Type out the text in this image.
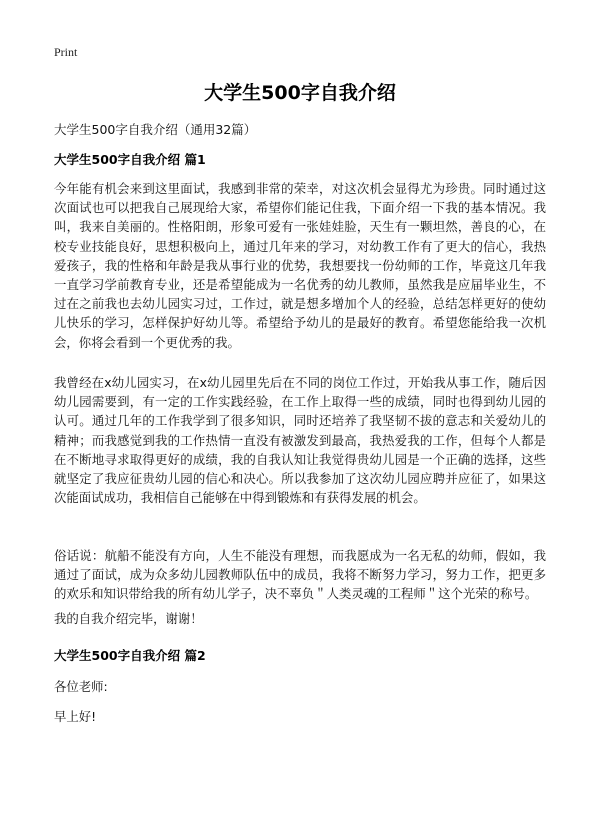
Print
大学生500字自我介绍

大学生500字自我介绍（通用32篇）

大学生500字自我介绍 篇1

今年能有机会来到这里面试，我感到非常的荣幸，对这次机会显得尤为珍贵。同时通过这次面试也可以把我自己展现给大家，希望你们能记住我，下面介绍一下我的基本情况。我叫，我来自美丽的。性格阳朗，形象可爱有一张娃娃脸，天生有一颗坦然，善良的心，在校专业技能良好，思想积极向上，通过几年来的学习，对幼教工作有了更大的信心，我热爱孩子，我的性格和年龄是我从事行业的优势，我想要找一份幼师的工作，毕竟这几年我一直学习学前教育专业，还是希望能成为一名优秀的幼儿教师，虽然我是应届毕业生，不过在之前我也去幼儿园实习过，工作过，就是想多增加个人的经验，总结怎样更好的使幼儿快乐的学习，怎样保护好幼儿等。希望给予幼儿的是最好的教育。希望您能给我一次机会，你将会看到一个更优秀的我。

我曾经在x幼儿园实习，在x幼儿园里先后在不同的岗位工作过，开始我从事工作，随后因幼儿园需要到，有一定的工作实践经验，在工作上取得一些的成绩，同时也得到幼儿园的认可。通过几年的工作我学到了很多知识，同时还培养了我坚韧不拔的意志和关爱幼儿的精神；而我感觉到我的工作热情一直没有被激发到最高，我热爱我的工作，但每个人都是在不断地寻求取得更好的成绩，我的自我认知让我觉得贵幼儿园是一个正确的选择，这些就坚定了我应征贵幼儿园的信心和决心。所以我参加了这次幼儿园应聘并应征了，如果这次能面试成功，我相信自己能够在中得到锻炼和有获得发展的机会。

俗话说：航船不能没有方向，人生不能没有理想，而我愿成为一名无私的幼师，假如，我通过了面试，成为众多幼儿园教师队伍中的成员，我将不断努力学习，努力工作，把更多的欢乐和知识带给我的所有幼儿学子，决不辜负＂人类灵魂的工程师＂这个光荣的称号。

我的自我介绍完毕，谢谢！

大学生500字自我介绍 篇2

各位老师:

早上好!
